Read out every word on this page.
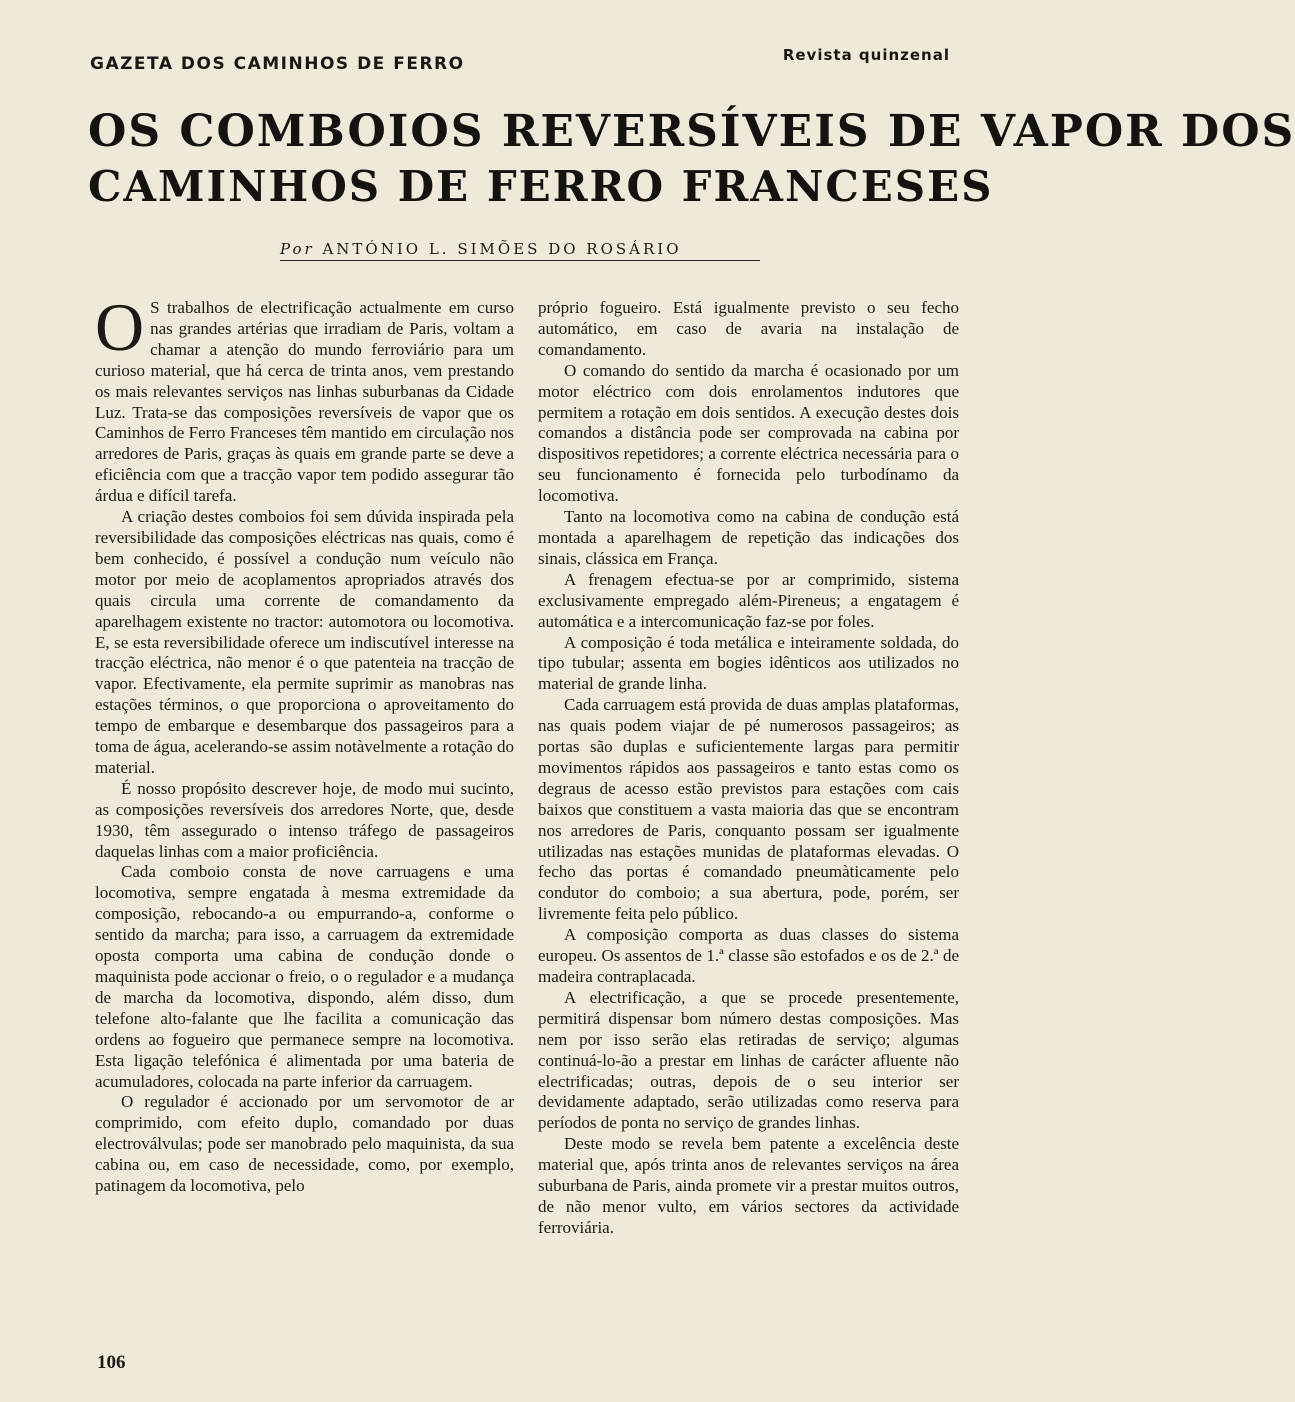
GAZETA DOS CAMINHOS DE FERRO	Revista quinzenal
OS COMBOIOS REVERSÍVEIS DE VAPOR DOS
CAMINHOS DE FERRO FRANCESES
Por ANTÓNIO L. SIMÕES DO ROSÁRIO

O S trabalhos de electrificação actualmente em curso nas grandes artérias que irradiam de Paris, voltam a chamar a atenção do mundo ferroviário para um curioso material, que há cerca de trinta anos, vem prestando os mais relevantes serviços nas linhas suburbanas da Cidade Luz. Trata-se das composições reversíveis de vapor que os Caminhos de Ferro Franceses têm mantido em circulação nos arredores de Paris, graças às quais em grande parte se deve a eficiência com que a tracção vapor tem podido assegurar tão árdua e difícil tarefa.

A criação destes comboios foi sem dúvida inspirada pela reversibilidade das composições eléctricas nas quais, como é bem conhecido, é possível a condução num veículo não motor por meio de acoplamentos apropriados através dos quais circula uma corrente de comandamento da aparelhagem existente no tractor: automotora ou locomotiva. E, se esta reversibilidade oferece um indiscutível interesse na tracção eléctrica, não menor é o que patenteia na tracção de vapor. Efectivamente, ela permite suprimir as manobras nas estações términos, o que proporciona o aproveitamento do tempo de embarque e desembarque dos passageiros para a toma de água, acelerando-se assim notàvelmente a rotação do material.

É nosso propósito descrever hoje, de modo mui sucinto, as composições reversíveis dos arredores Norte, que, desde 1930, têm assegurado o intenso tráfego de passageiros daquelas linhas com a maior proficiência.

Cada comboio consta de nove carruagens e uma locomotiva, sempre engatada à mesma extremidade da composição, rebocando-a ou empurrando-a, conforme o sentido da marcha; para isso, a carruagem da extremidade oposta comporta uma cabina de condução donde o maquinista pode accionar o freio, o o regulador e a mudança de marcha da locomotiva, dispondo, além disso, dum telefone alto-falante que lhe facilita a comunicação das ordens ao fogueiro que permanece sempre na locomotiva. Esta ligação telefónica é alimentada por uma bateria de acumuladores, colocada na parte inferior da carruagem.

O regulador é accionado por um servomotor de ar comprimido, com efeito duplo, comandado por duas electroválvulas; pode ser manobrado pelo maquinista, da sua cabina ou, em caso de necessidade, como, por exemplo, patinagem da locomotiva, pelo

próprio fogueiro. Está igualmente previsto o seu fecho automático, em caso de avaria na instalação de comandamento.

O comando do sentido da marcha é ocasionado por um motor eléctrico com dois enrolamentos indutores que permitem a rotação em dois sentidos. A execução destes dois comandos a distância pode ser comprovada na cabina por dispositivos repetidores; a corrente eléctrica necessária para o seu funcionamento é fornecida pelo turbodínamo da locomotiva.

Tanto na locomotiva como na cabina de condução está montada a aparelhagem de repetição das indicações dos sinais, clássica em França.

A frenagem efectua-se por ar comprimido, sistema exclusivamente empregado além-Pireneus; a engatagem é automática e a intercomunicação faz-se por foles.

A composição é toda metálica e inteiramente soldada, do tipo tubular; assenta em bogies idênticos aos utilizados no material de grande linha.

Cada carruagem está provida de duas amplas plataformas, nas quais podem viajar de pé numerosos passageiros; as portas são duplas e suficientemente largas para permitir movimentos rápidos aos passageiros e tanto estas como os degraus de acesso estão previstos para estações com cais baixos que constituem a vasta maioria das que se encontram nos arredores de Paris, conquanto possam ser igualmente utilizadas nas estações munidas de plataformas elevadas. O fecho das portas é comandado pneumàticamente pelo condutor do comboio; a sua abertura, pode, porém, ser livremente feita pelo público.

A composição comporta as duas classes do sistema europeu. Os assentos de 1.ª classe são estofados e os de 2.ª de madeira contraplacada.

A electrificação, a que se procede presentemente, permitirá dispensar bom número destas composições. Mas nem por isso serão elas retiradas de serviço; algumas continuá-lo-ão a prestar em linhas de carácter afluente não electrificadas; outras, depois de o seu interior ser devidamente adaptado, serão utilizadas como reserva para períodos de ponta no serviço de grandes linhas.

Deste modo se revela bem patente a excelência deste material que, após trinta anos de relevantes serviços na área suburbana de Paris, ainda promete vir a prestar muitos outros, de não menor vulto, em vários sectores da actividade ferroviária.

106
